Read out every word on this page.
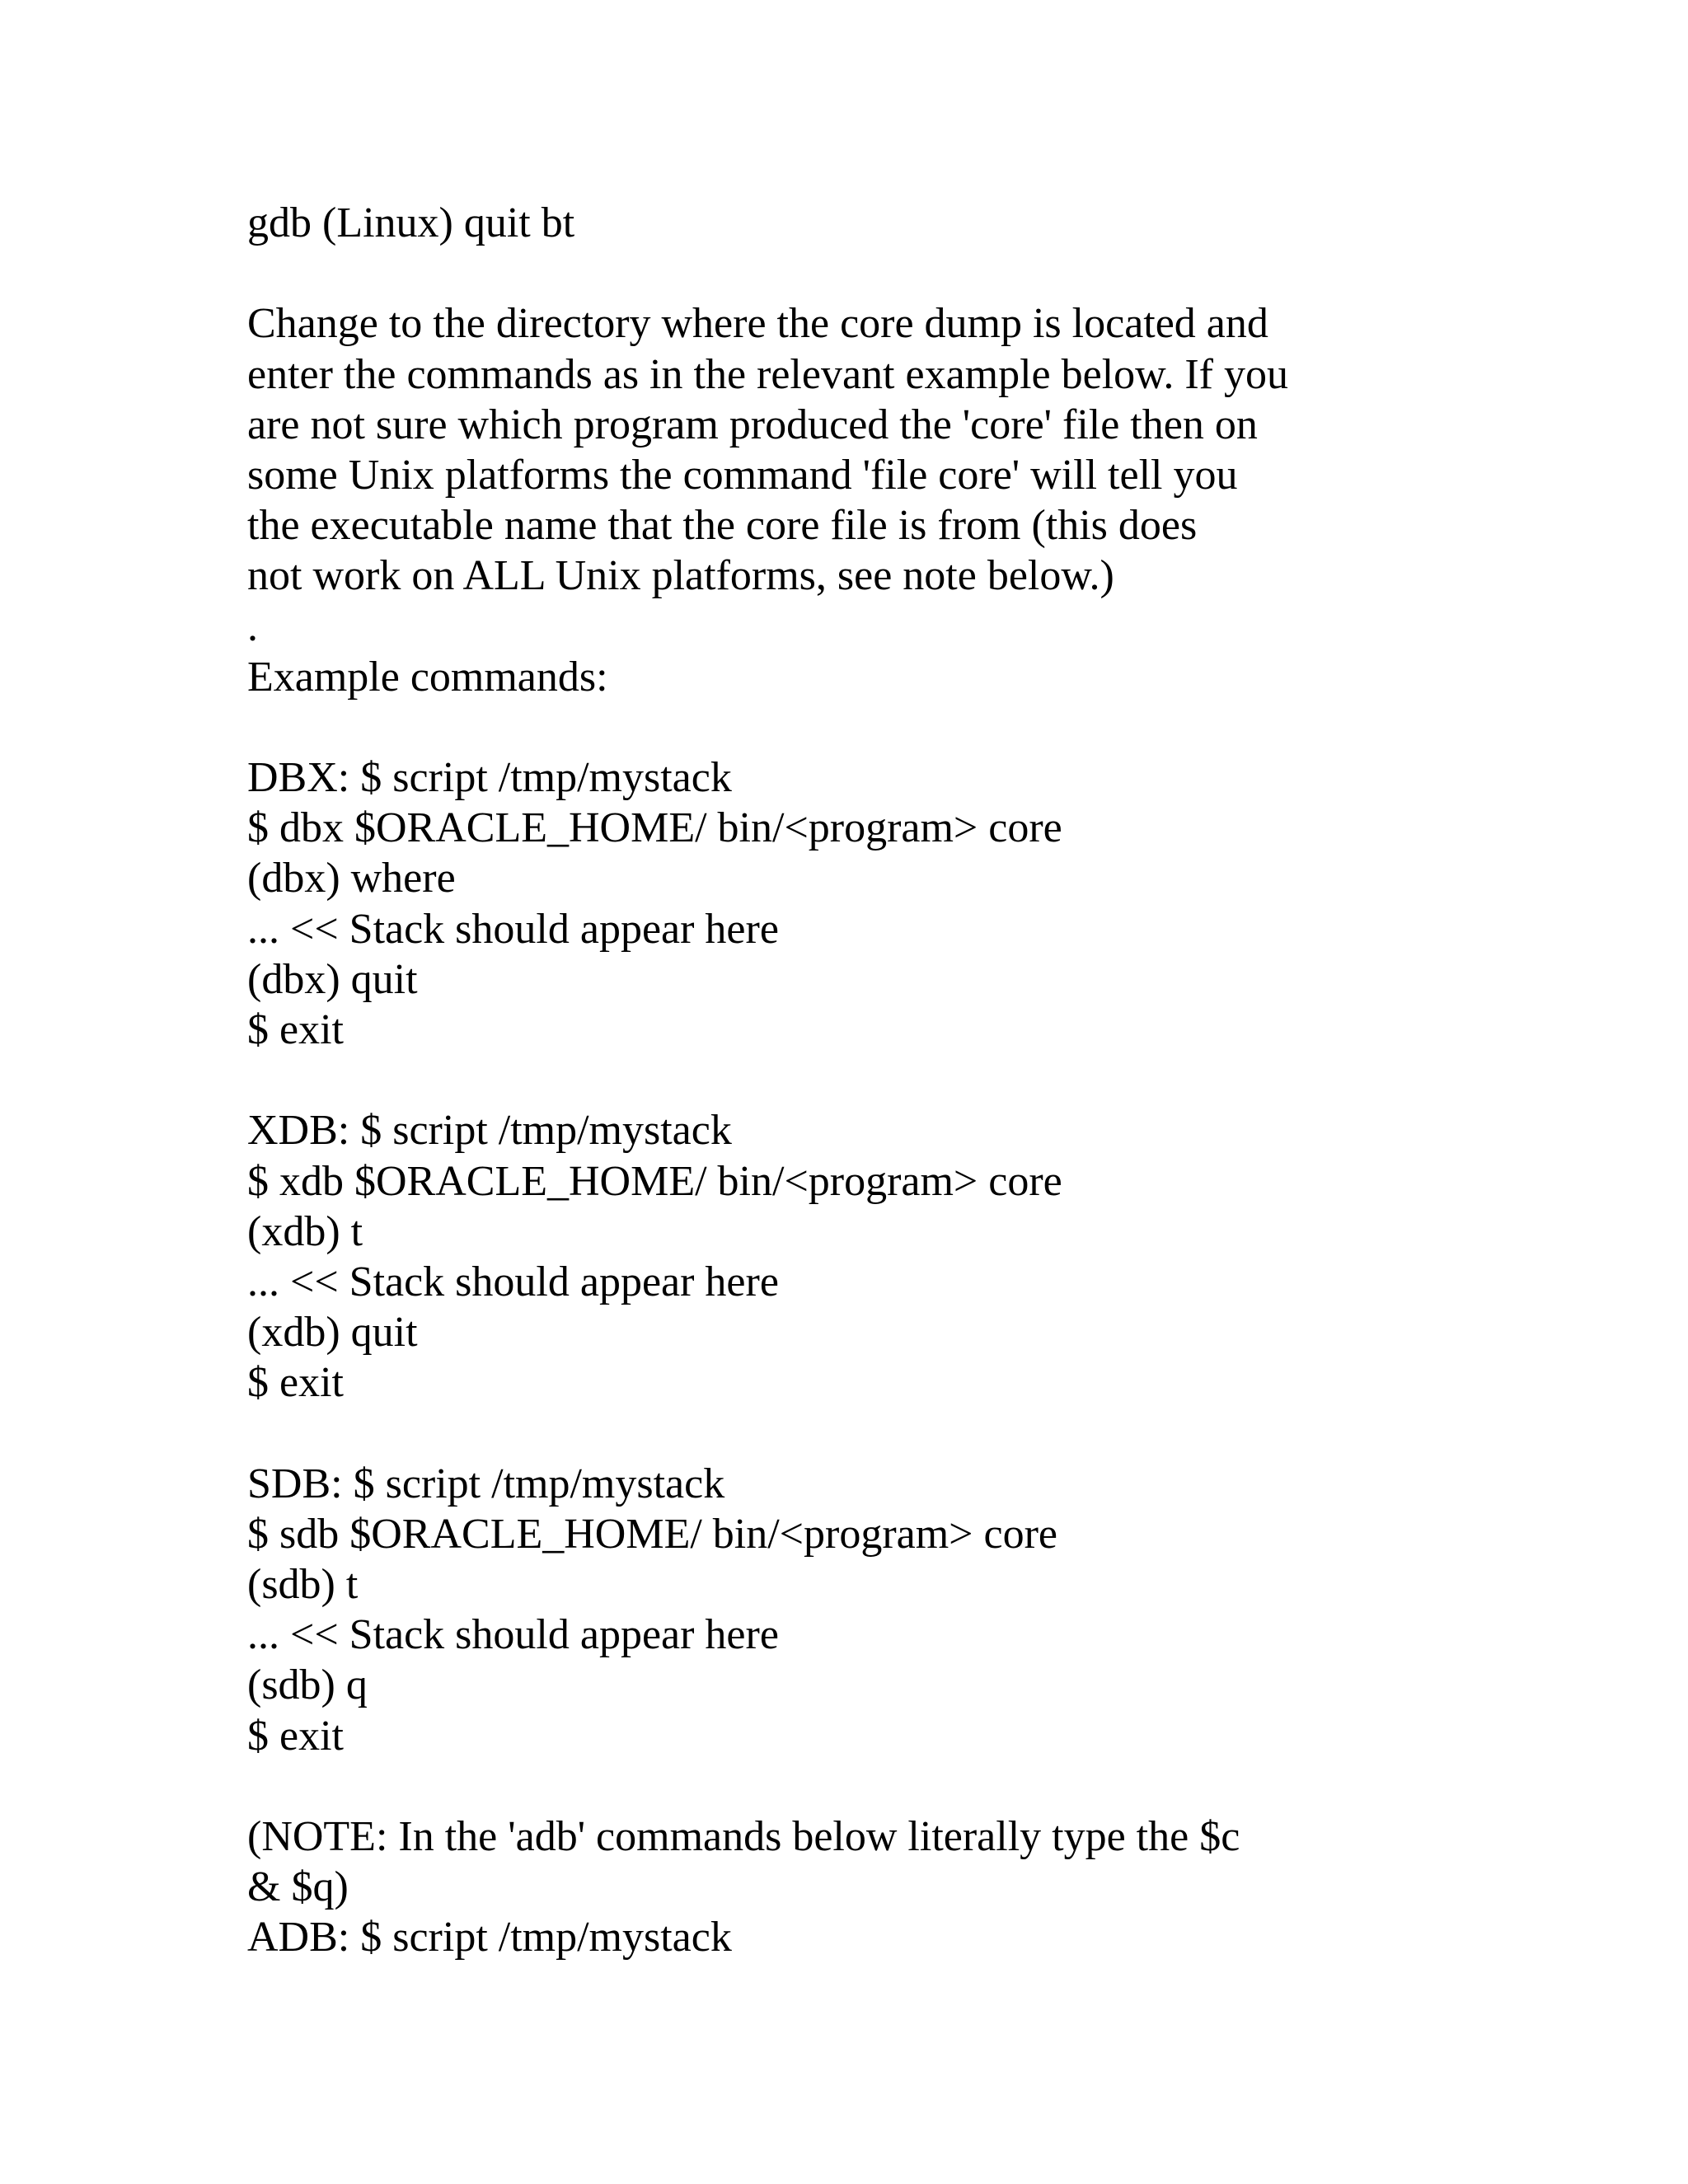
gdb (Linux) quit bt

Change to the directory where the core dump is located and

enter the commands as in the relevant example below. If you

are not sure which program produced the 'core' file then on

some Unix platforms the command 'file core' will tell you

the executable name that the core file is from (this does

not work on ALL Unix platforms, see note below.)

.

Example commands:

DBX: $ script /tmp/mystack

$ dbx $ORACLE_HOME/ bin/<program> core

(dbx) where

... << Stack should appear here

(dbx) quit

$ exit

XDB: $ script /tmp/mystack

$ xdb $ORACLE_HOME/ bin/<program> core

(xdb) t

... << Stack should appear here

(xdb) quit

$ exit

SDB: $ script /tmp/mystack

$ sdb $ORACLE_HOME/ bin/<program> core

(sdb) t

... << Stack should appear here

(sdb) q

$ exit

(NOTE: In the 'adb' commands below literally type the $c

& $q)

ADB: $ script /tmp/mystack
